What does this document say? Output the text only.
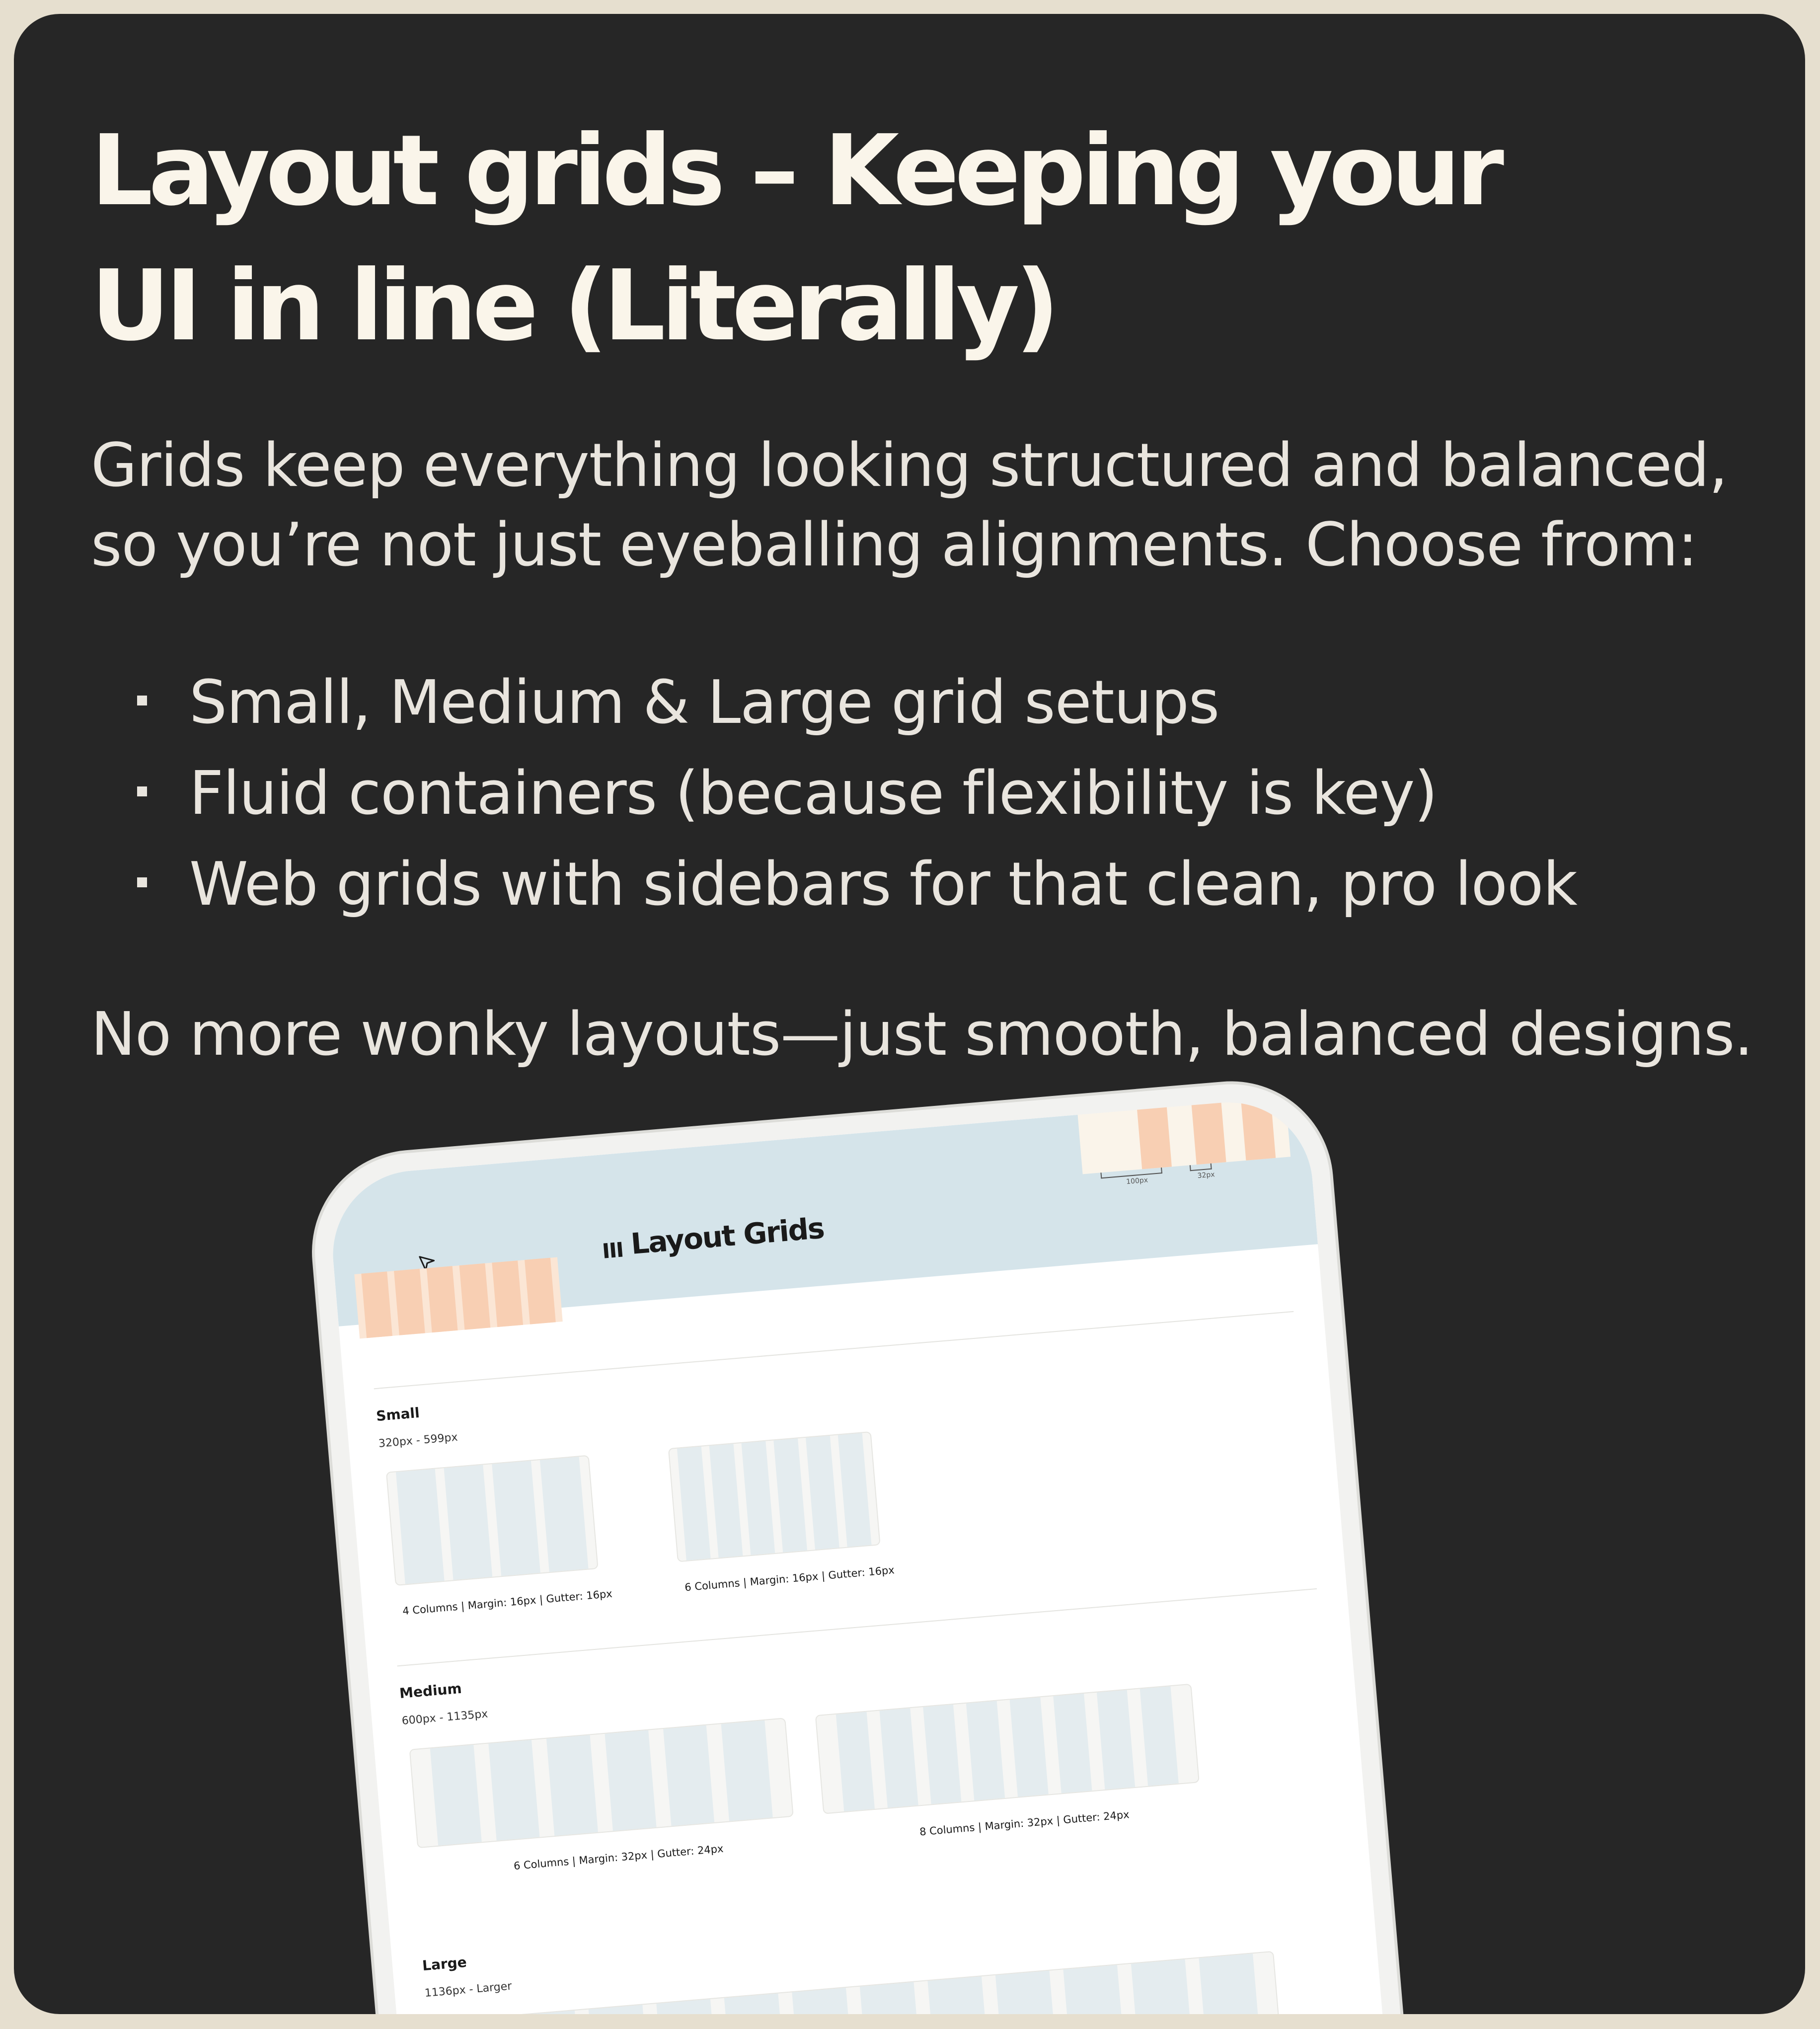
Layout grids – Keeping your
UI in line (Literally)

Grids keep everything looking structured and balanced,
so you’re not just eyeballing alignments. Choose from:

Small, Medium & Large grid setups
Fluid containers (because flexibility is key)
Web grids with sidebars for that clean, pro look

No more wonky layouts—just smooth, balanced designs.

100px
32px
Layout Grids
Small
320px - 599px
4 Columns | Margin: 16px | Gutter: 16px
6 Columns | Margin: 16px | Gutter: 16px
Medium
600px - 1135px
6 Columns | Margin: 32px | Gutter: 24px
8 Columns | Margin: 32px | Gutter: 24px
Large
1136px - Larger
